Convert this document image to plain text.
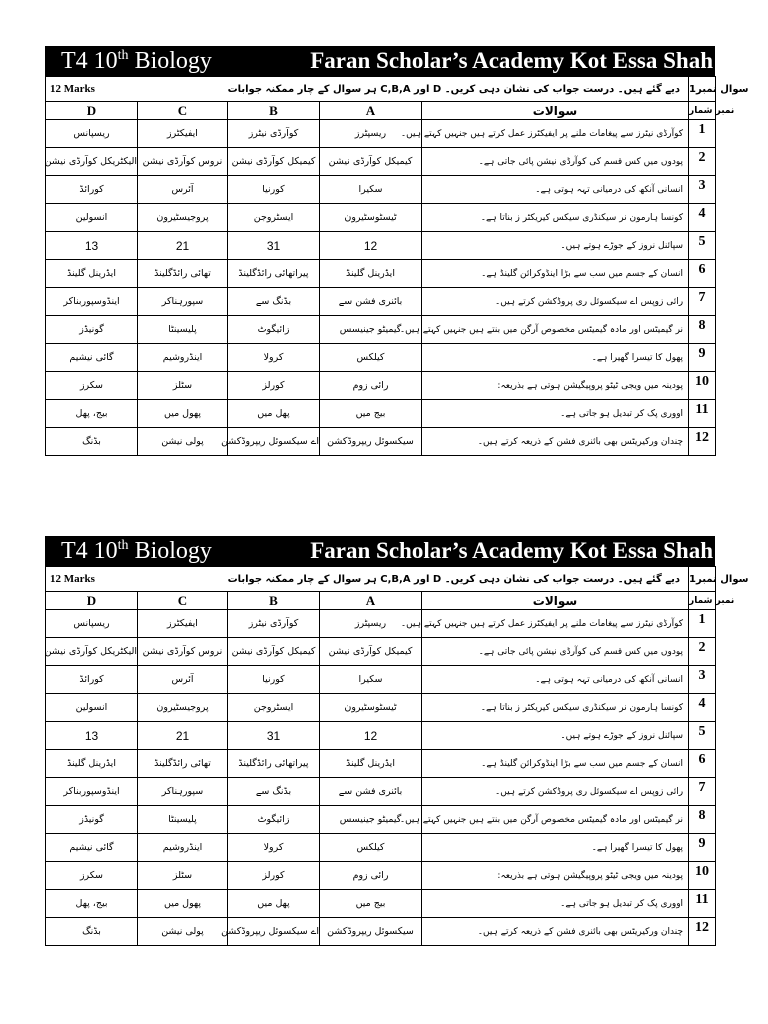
T4 10th Biology	Faran Scholar’s Academy Kot Essa Shah
12 Marks	ہر سوال کے چار ممکنہ جوابات C,B,A اور D دیے گئے ہیں۔ درست جواب کی نشان دہی کریں۔				سوال نمبر1
D	C	B	A	سوالات	نمبر شمار
ریسپانس	ایفیکٹرز	کوآرڈی نیٹرز	ریسپٹرز	کوآرڈی نیٹرز سے پیغامات ملنے پر ایفیکٹرز عمل کرتے ہیں جنہیں کہتے ہیں۔	1
الیکٹریکل کوآرڈی نیشن	نروس کوآرڈی نیشن	کیمیکل کوآرڈی نیشن	کیمیکل کوآرڈی نیشن	پودوں میں کس قسم کی کوآرڈی نیشن پائی جاتی ہے۔	2
کورائڈ	آئرس	کورنیا	سکیرا	انسانی آنکھ کی درمیانی تہہ ہوتی ہے۔	3
انسولین	پروجیسٹیرون	ایسٹروجن	ٹیسٹوسٹیرون	کونسا ہارمون نر سیکنڈری سیکس کیریکٹر ز بناتا ہے۔	4
13	21	31	12	سپائنل نروز کے جوڑے ہوتے ہیں۔	5
ایڈرینل گلینڈ	تھائی رائڈگلینڈ	پیراتھائی رائڈگلینڈ	ایڈرینل گلینڈ	انسان کے جسم میں سب سے بڑا اینڈوکرائن گلینڈ ہے۔	6
اینڈوسپوربناکر	سپورہناکر	بڈنگ سے	بائنری فشن سے	رائی زوپس اے سیکسوئل ری پروڈکشن کرتے ہیں۔	7
گونیڈز	پلیسینٹا	زائیگوٹ	گیمیٹو جینیسس	نر گیمیٹس اور مادہ گیمیٹس مخصوص آرگن میں بنتے ہیں جنہیں کہتے ہیں۔	8
گائی نیشیم	اینڈروشیم	کرولا	کیلکس	پھول کا تیسرا گھیرا ہے۔	9
سکرز	سٹلز	کورلز	رائی زوم	پودینہ میں ویجی ٹیٹو پروپیگیشن ہوتی ہے بذریعہ:	10
بیج، پھل	پھول میں	پھل میں	بیج میں	اووری پک کر تبدیل ہو جاتی ہے۔	11
بڈنگ	پولی نیشن	اے سیکسوئل ریپروڈکشن	سیکسوئل ریپروڈکشن	چندان ورکیریٹس بھی بائنری فشن کے ذریعہ کرتے ہیں۔	12
T4 10th Biology	Faran Scholar’s Academy Kot Essa Shah
12 Marks	ہر سوال کے چار ممکنہ جوابات C,B,A اور D دیے گئے ہیں۔ درست جواب کی نشان دہی کریں۔				سوال نمبر1
D	C	B	A	سوالات	نمبر شمار
ریسپانس	ایفیکٹرز	کوآرڈی نیٹرز	ریسپٹرز	کوآرڈی نیٹرز سے پیغامات ملنے پر ایفیکٹرز عمل کرتے ہیں جنہیں کہتے ہیں۔	1
الیکٹریکل کوآرڈی نیشن	نروس کوآرڈی نیشن	کیمیکل کوآرڈی نیشن	کیمیکل کوآرڈی نیشن	پودوں میں کس قسم کی کوآرڈی نیشن پائی جاتی ہے۔	2
کورائڈ	آئرس	کورنیا	سکیرا	انسانی آنکھ کی درمیانی تہہ ہوتی ہے۔	3
انسولین	پروجیسٹیرون	ایسٹروجن	ٹیسٹوسٹیرون	کونسا ہارمون نر سیکنڈری سیکس کیریکٹر ز بناتا ہے۔	4
13	21	31	12	سپائنل نروز کے جوڑے ہوتے ہیں۔	5
ایڈرینل گلینڈ	تھائی رائڈگلینڈ	پیراتھائی رائڈگلینڈ	ایڈرینل گلینڈ	انسان کے جسم میں سب سے بڑا اینڈوکرائن گلینڈ ہے۔	6
اینڈوسپوربناکر	سپورہناکر	بڈنگ سے	بائنری فشن سے	رائی زوپس اے سیکسوئل ری پروڈکشن کرتے ہیں۔	7
گونیڈز	پلیسینٹا	زائیگوٹ	گیمیٹو جینیسس	نر گیمیٹس اور مادہ گیمیٹس مخصوص آرگن میں بنتے ہیں جنہیں کہتے ہیں۔	8
گائی نیشیم	اینڈروشیم	کرولا	کیلکس	پھول کا تیسرا گھیرا ہے۔	9
سکرز	سٹلز	کورلز	رائی زوم	پودینہ میں ویجی ٹیٹو پروپیگیشن ہوتی ہے بذریعہ:	10
بیج، پھل	پھول میں	پھل میں	بیج میں	اووری پک کر تبدیل ہو جاتی ہے۔	11
بڈنگ	پولی نیشن	اے سیکسوئل ریپروڈکشن	سیکسوئل ریپروڈکشن	چندان ورکیریٹس بھی بائنری فشن کے ذریعہ کرتے ہیں۔	12
